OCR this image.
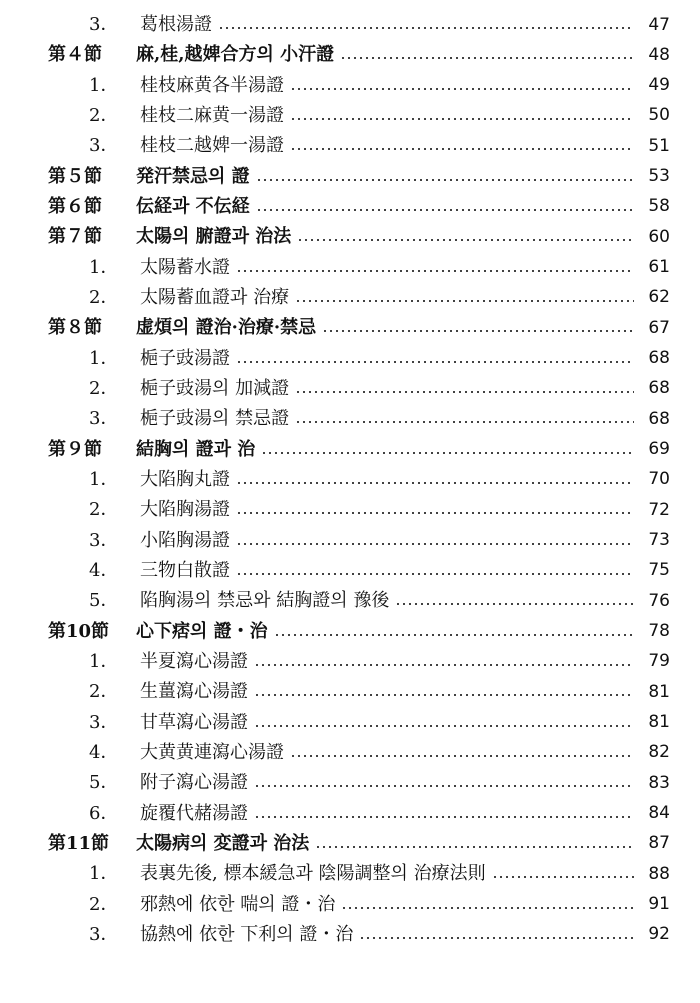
3．	葛根湯證	47
第４節	麻,桂,越婢合方의 小汗證	48
1．	桂枝麻黄各半湯證	49
2．	桂枝二麻黄一湯證	50
3．	桂枝二越婢一湯證	51
第５節	発汗禁忌의 證	53
第６節	伝経과 不伝経	58
第７節	太陽의 腑證과 治法	60
1．	太陽蓄水證	61
2．	太陽蓄血證과 治療	62
第８節	虚煩의 證治·治療·禁忌	67
1．	梔子豉湯證	68
2．	梔子豉湯의 加減證	68
3．	梔子豉湯의 禁忌證	68
第９節	結胸의 證과 治	69
1．	大陷胸丸證	70
2．	大陷胸湯證	72
3．	小陷胸湯證	73
4．	三物白散證	75
5．	陷胸湯의 禁忌와 結胸證의 豫後	76
第10節	心下痞의 證・治	78
1．	半夏瀉心湯證	79
2．	生薑瀉心湯證	81
3．	甘草瀉心湯證	81
4．	大黄黄連瀉心湯證	82
5．	附子瀉心湯證	83
6．	旋覆代赭湯證	84
第11節	太陽病의 変證과 治法	87
1．	表裏先後, 標本緩急과 陰陽調整의 治療法則	88
2．	邪熱에 依한 喘의 證・治	91
3．	協熱에 依한 下利의 證・治	92
